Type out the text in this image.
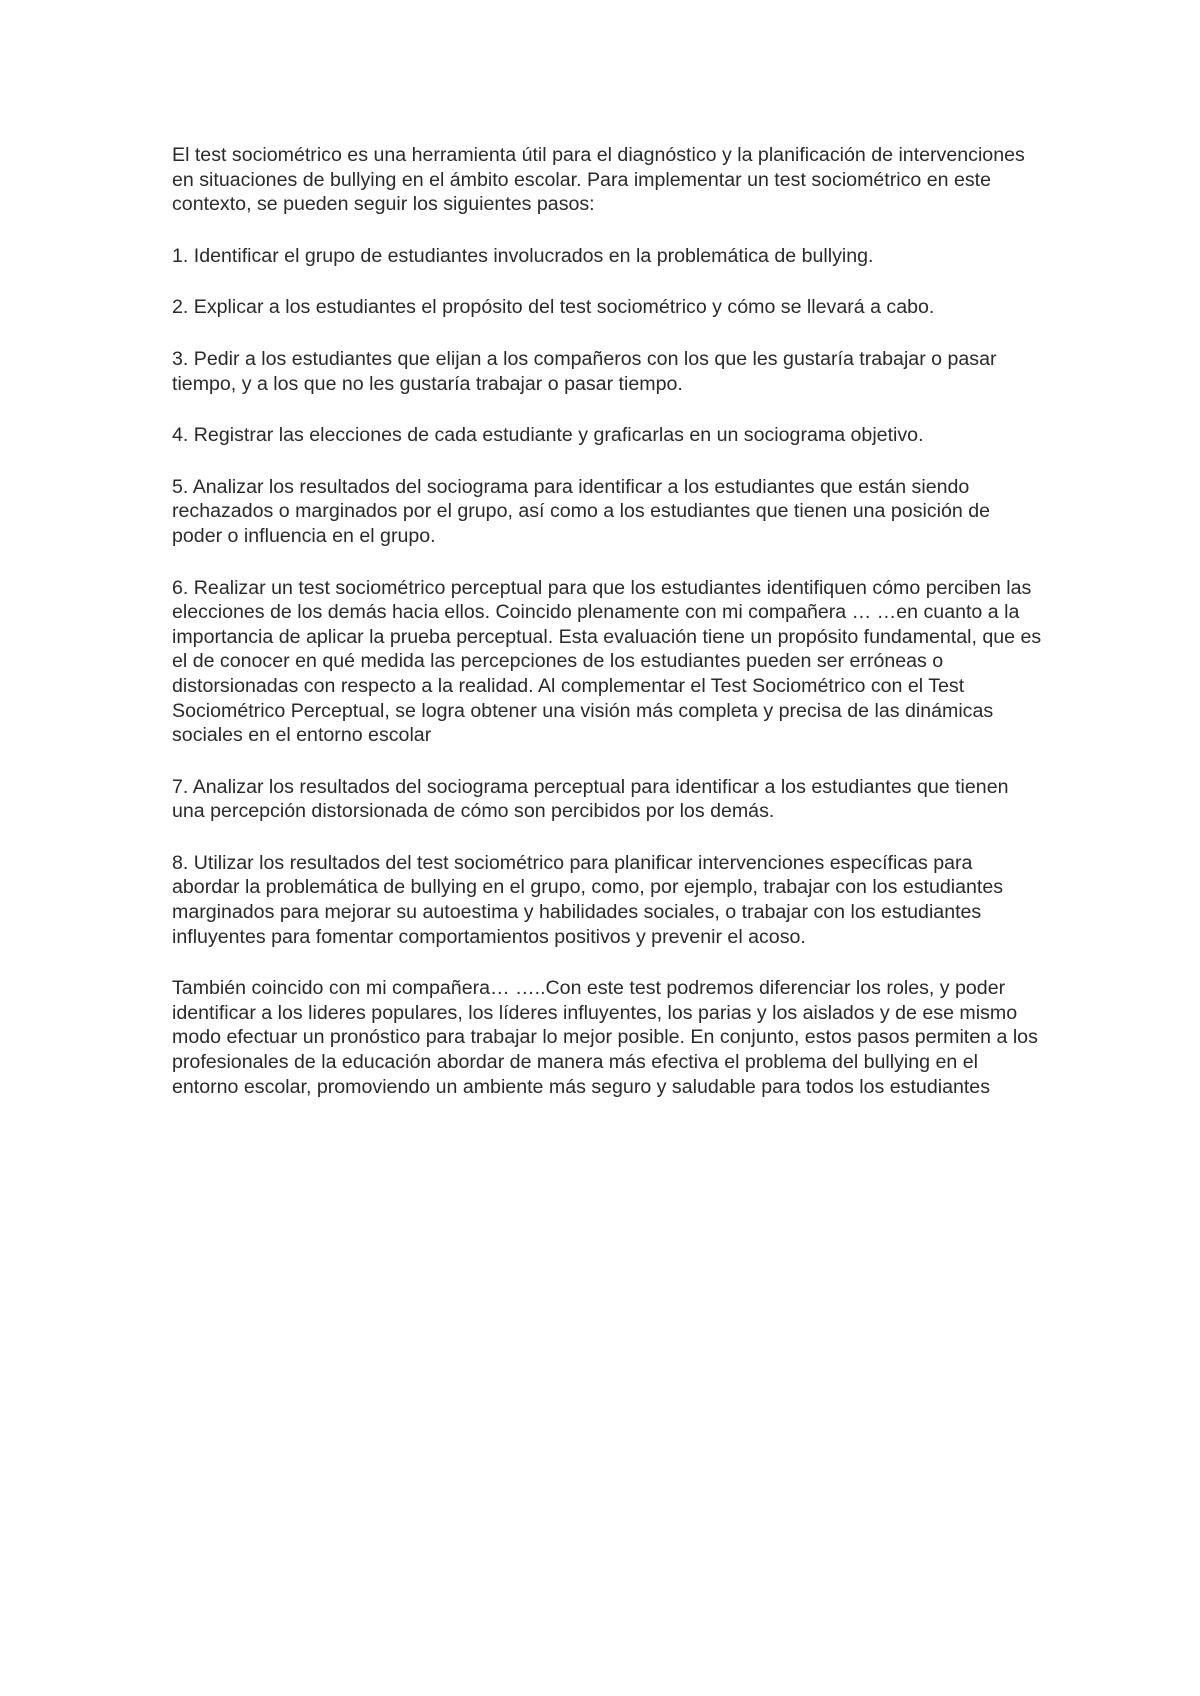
El test sociométrico es una herramienta útil para el diagnóstico y la planificación de intervenciones en situaciones de bullying en el ámbito escolar. Para implementar un test sociométrico en este contexto, se pueden seguir los siguientes pasos:

1. Identificar el grupo de estudiantes involucrados en la problemática de bullying.

2. Explicar a los estudiantes el propósito del test sociométrico y cómo se llevará a cabo.

3. Pedir a los estudiantes que elijan a los compañeros con los que les gustaría trabajar o pasar tiempo, y a los que no les gustaría trabajar o pasar tiempo.

4. Registrar las elecciones de cada estudiante y graficarlas en un sociograma objetivo.

5. Analizar los resultados del sociograma para identificar a los estudiantes que están siendo rechazados o marginados por el grupo, así como a los estudiantes que tienen una posición de poder o influencia en el grupo.

6. Realizar un test sociométrico perceptual para que los estudiantes identifiquen cómo perciben las elecciones de los demás hacia ellos. Coincido plenamente con mi compañera … …en cuanto a la importancia de aplicar la prueba perceptual. Esta evaluación tiene un propósito fundamental, que es el de conocer en qué medida las percepciones de los estudiantes pueden ser erróneas o distorsionadas con respecto a la realidad. Al complementar el Test Sociométrico con el Test Sociométrico Perceptual, se logra obtener una visión más completa y precisa de las dinámicas sociales en el entorno escolar

7. Analizar los resultados del sociograma perceptual para identificar a los estudiantes que tienen una percepción distorsionada de cómo son percibidos por los demás.

8. Utilizar los resultados del test sociométrico para planificar intervenciones específicas para abordar la problemática de bullying en el grupo, como, por ejemplo, trabajar con los estudiantes marginados para mejorar su autoestima y habilidades sociales, o trabajar con los estudiantes influyentes para fomentar comportamientos positivos y prevenir el acoso.

También coincido con mi compañera… …..Con este test podremos diferenciar los roles, y poder identificar a los lideres populares, los líderes influyentes, los parias y los aislados y de ese mismo modo efectuar un pronóstico para trabajar lo mejor posible. En conjunto, estos pasos permiten a los profesionales de la educación abordar de manera más efectiva el problema del bullying en el entorno escolar, promoviendo un ambiente más seguro y saludable para todos los estudiantes
